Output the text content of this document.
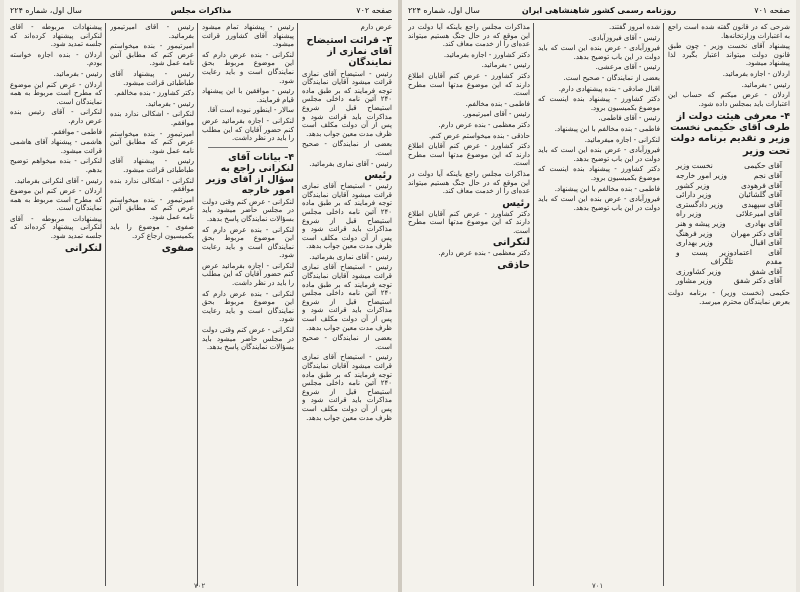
صفحه ۷۰۲
مذاکرات مجلس
سال اول، شماره ۲۲۴

عرض دارم

۳- قرائت استیضاح آقای نمازی از نمایندگان

رئیس - استیضاح آقای نمازی قرائت میشود آقایان نمایندگان توجه فرمایند که بر طبق ماده ۲۴۰ آئین نامه داخلی مجلس استیضاح قبل از شروع مذاکرات باید قرائت شود و پس از آن دولت مکلف است ظرف مدت معین جواب بدهد.

بعضی از نمایندگان - صحیح است.

رئیس - آقای نمازی بفرمائید.

رئیس

رئیس - استیضاح آقای نمازی قرائت میشود آقایان نمایندگان توجه فرمایند که بر طبق ماده ۲۴۰ آئین نامه داخلی مجلس استیضاح قبل از شروع مذاکرات باید قرائت شود و پس از آن دولت مکلف است ظرف مدت معین جواب بدهد.

رئیس - آقای نمازی بفرمائید.

رئیس - استیضاح آقای نمازی قرائت میشود آقایان نمایندگان توجه فرمایند که بر طبق ماده ۲۴۰ آئین نامه داخلی مجلس استیضاح قبل از شروع مذاکرات باید قرائت شود و پس از آن دولت مکلف است ظرف مدت معین جواب بدهد.

بعضی از نمایندگان - صحیح است.

رئیس - استیضاح آقای نمازی قرائت میشود آقایان نمایندگان توجه فرمایند که بر طبق ماده ۲۴۰ آئین نامه داخلی مجلس استیضاح قبل از شروع مذاکرات باید قرائت شود و پس از آن دولت مکلف است ظرف مدت معین جواب بدهد.

رئیس - پیشنهاد تمام میشود پیشنهاد آقای کشاورز قرائت میشود.

لنکرانی - بنده عرض دارم که این موضوع مربوط بحق نمایندگان است و باید رعایت شود.

رئیس - موافقین با این پیشنهاد قیام فرمایند.

سالار - اینطور نبوده است آقا.

لنکرانی - اجازه بفرمائید عرض کنم حضور آقایان که این مطلب را باید در نظر داشت.

۴- بیانات آقای لنکرانی راجع به سؤال از آقای وزیر امور خارجه

لنکرانی - عرض کنم وقتی دولت در مجلس حاضر میشود باید بسؤالات نمایندگان پاسخ بدهد.

لنکرانی - بنده عرض دارم که این موضوع مربوط بحق نمایندگان است و باید رعایت شود.

لنکرانی - اجازه بفرمائید عرض کنم حضور آقایان که این مطلب را باید در نظر داشت.

لنکرانی - بنده عرض دارم که این موضوع مربوط بحق نمایندگان است و باید رعایت شود.

لنکرانی - عرض کنم وقتی دولت در مجلس حاضر میشود باید بسؤالات نمایندگان پاسخ بدهد.

رئیس - آقای امیرتیمور بفرمائید.

امیرتیمور - بنده میخواستم عرض کنم که مطابق آئین نامه عمل شود.

رئیس - پیشنهاد آقای طباطبائی قرائت میشود.

دکتر کشاورز - بنده مخالفم.

رئیس - بفرمائید.

لنکرانی - اشکالی ندارد بنده موافقم.

امیرتیمور - بنده میخواستم عرض کنم که مطابق آئین نامه عمل شود.

رئیس - پیشنهاد آقای طباطبائی قرائت میشود.

لنکرانی - اشکالی ندارد بنده موافقم.

امیرتیمور - بنده میخواستم عرض کنم که مطابق آئین نامه عمل شود.

صفوی - موضوع را باید بکمیسیون ارجاع کرد.

صفوی

پیشنهادات مربوطه - آقای لنکرانی پیشنهاد کرده‌اند که جلسه تمدید شود.

اردلان - بنده اجازه خواسته بودم.

رئیس - بفرمائید.

اردلان - عرض کنم این موضوع که مطرح است مربوط به همه نمایندگان است.

لنکرانی - آقای رئیس بنده عرض دارم.

فاطمی - موافقم.

هاشمی - پیشنهاد آقای هاشمی قرائت میشود.

لنکرانی - بنده میخواهم توضیح بدهم.

رئیس - آقای لنکرانی بفرمائید.

اردلان - عرض کنم این موضوع که مطرح است مربوط به همه نمایندگان است.

پیشنهادات مربوطه - آقای لنکرانی پیشنهاد کرده‌اند که جلسه تمدید شود.

لنکرانی
۷۰۲
صفحه ۷۰۱
روزنامه رسمی کشور شاهنشاهی ایران
سال اول، شماره ۲۲۴

شرحی که در قانون گفته شده است راجع به اعتبارات وزارتخانه‌ها.

پیشنهاد آقای نخست وزیر - چون طبق قانون دولت میتواند اعتبار بگیرد لذا پیشنهاد میشود.

اردلان - اجازه بفرمائید.

رئیس - بفرمائید.

اردلان - عرض میکنم که حساب این اعتبارات باید بمجلس داده شود.

۴- معرفی هیئت دولت از طرف آقای حکیمی نخست وزیر و تقدیم برنامه دولت
تحت وزیر
آقای حکیمی
نخست وزیر
آقای نجم
وزیر امور خارجه
آقای فرهودی
وزیر کشور
آقای گلشائیان
وزیر دارائی
آقای سپهبدی
وزیر دادگستری
آقای امیرعلائی
وزیر راه
آقای بهادری
وزیر پیشه و هنر
آقای دکتر مهران
وزیر فرهنگ
آقای اقبال
وزیر بهداری
آقای اعتماد مقدم
وزیر پست و تلگراف
آقای شفق
وزیر کشاورزی
آقای دکتر شفق
وزیر مشاور

حکیمی (نخست وزیر) - برنامه دولت بعرض نمایندگان محترم میرسد.

شده امروز گفتند.

رئیس - آقای فیروزآبادی.

فیروزآبادی - عرض بنده این است که باید دولت در این باب توضیح بدهد.

رئیس - آقای مرعشی.

بعضی از نمایندگان - صحیح است.

اقبال صادقی - بنده پیشنهادی دارم.

دکتر کشاورز - پیشنهاد بنده اینست که موضوع بکمیسیون برود.

رئیس - آقای فاطمی.

فاطمی - بنده مخالفم با این پیشنهاد.

لنکرانی - اجازه میفرمائید.

فیروزآبادی - عرض بنده این است که باید دولت در این باب توضیح بدهد.

دکتر کشاورز - پیشنهاد بنده اینست که موضوع بکمیسیون برود.

فاطمی - بنده مخالفم با این پیشنهاد.

فیروزآبادی - عرض بنده این است که باید دولت در این باب توضیح بدهد.

مذاکرات مجلس راجع باینکه آیا دولت در این موقع که در حال جنگ هستیم میتواند عده‌ای را از خدمت معاف کند.

دکتر کشاورز - اجازه بفرمائید.

رئیس - بفرمائید.

دکتر کشاورز - عرض کنم آقایان اطلاع دارند که این موضوع مدتها است مطرح است.

فاطمی - بنده مخالفم.

رئیس - آقای امیرتیمور.

دکتر معظمی - بنده عرض دارم.

حاذقی - بنده میخواستم عرض کنم.

دکتر کشاورز - عرض کنم آقایان اطلاع دارند که این موضوع مدتها است مطرح است.

مذاکرات مجلس راجع باینکه آیا دولت در این موقع که در حال جنگ هستیم میتواند عده‌ای را از خدمت معاف کند.

رئیس

دکتر کشاورز - عرض کنم آقایان اطلاع دارند که این موضوع مدتها است مطرح است.

لنکرانی

دکتر معظمی - بنده عرض دارم.

حاذقی
۷۰۱
